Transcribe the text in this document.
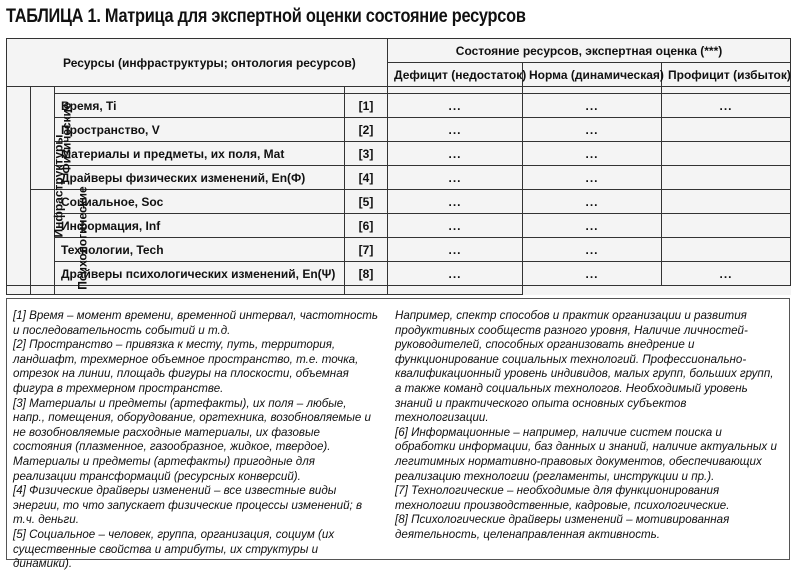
ТАБЛИЦА 1. Матрица для экспертной оценки состояние ресурсов
Ресурсы (инфраструктуры; онтология ресурсов)				Состояние ресурсов, экспертная оценка (***)		
				Дефицит (недостаток)	Норма (динамическая)	Профицит (избыток)
Инфраструктуры	Физические					
		Время, Ti	[1]	...	...	...
		Пространство, V	[2]	...	...	
		Материалы и предметы, их поля, Mat	[3]	...	...	
		Драйверы физических изменений, En(Ф)	[4]	...	...	
	Психологические	Социальное, Soc	[5]	...	...	
		Информация, Inf	[6]	...	...	
		Технологии, Tech	[7]	...	...	
		Драйверы психологических изменений, En(Ψ)	[8]	...	...	...

[1] Время – момент времени, временной интервал, частотность и последовательность событий и т.д.

[2] Пространство – привязка к месту, путь, территория, ландшафт, трехмерное объемное пространство, т.е. точка, отрезок на линии, площадь фигуры на плоскости, объемная фигура в трехмерном пространстве.

[3] Материалы и предметы (артефакты), их поля – любые, напр., помещения, оборудование, оргтехника, возобновляемые и не возобновляемые расходные материалы, их фазовые состояния (плазменное, газообразное, жидкое, твердое). Материалы и предметы (артефакты) пригодные для реализации трансформаций (ресурсных конверсий).

[4] Физические драйверы изменений – все известные виды энергии, то что запускает физические процессы изменений; в т.ч. деньги.

[5] Социальное – человек, группа, организация, социум (их существенные свойства и атрибуты, их структуры и динамики).

Например, спектр способов и практик организации и развития продуктивных сообществ разного уровня, Наличие личностей-руководителей, способных организовать внедрение и функционирование социальных технологий. Профессионально-квалификационный уровень индивидов, малых групп, больших групп, а также команд социальных технологов. Необходимый уровень знаний и практического опыта основных субъектов технологизации.

[6] Информационные – например, наличие систем поиска и обработки информации, баз данных и знаний, наличие актуальных и легитимных нормативно-правовых документов, обеспечивающих реализацию технологии (регламенты, инструкции и пр.).

[7] Технологические – необходимые для функционирования технологии производственные, кадровые, психологические.

[8] Психологические драйверы изменений – мотивированная деятельность, целенаправленная активность.
